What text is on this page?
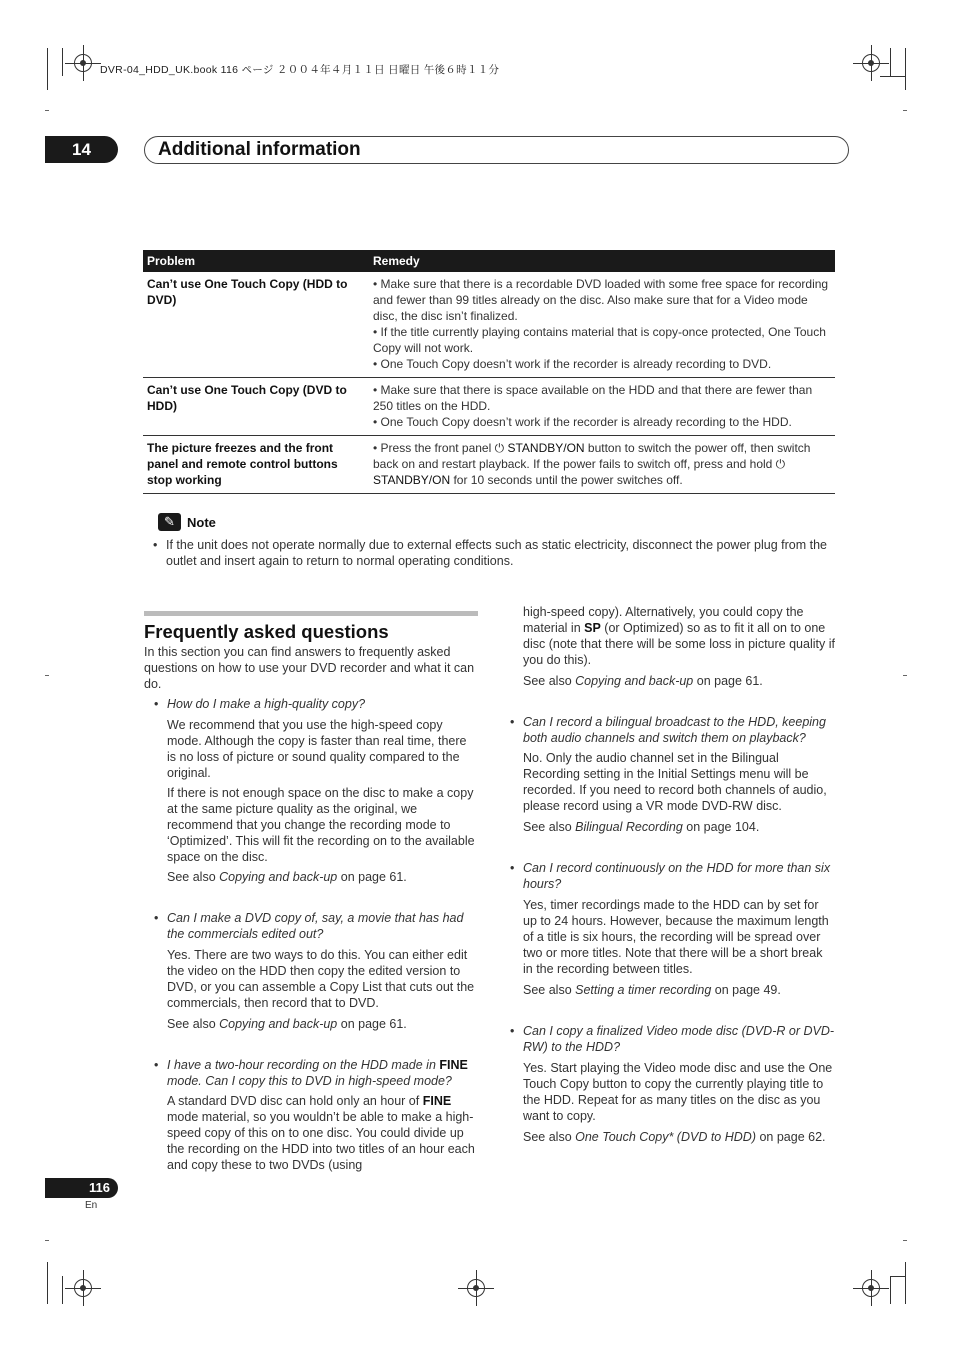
DVR-04_HDD_UK.book 116 ページ ２００４年４月１１日 日曜日 午後６時１１分
14	Additional information
Problem	Remedy
Can’t use One Touch Copy (HDD to DVD)	• Make sure that there is a recordable DVD loaded with some free space for recording and fewer than 99 titles already on the disc. Also make sure that for a Video mode disc, the disc isn’t finalized.
• If the title currently playing contains material that is copy-once protected, One Touch Copy will not work.
• One Touch Copy doesn’t work if the recorder is already recording to DVD.

Can’t use One Touch Copy (DVD to HDD)	• Make sure that there is space available on the HDD and that there are fewer than 250 titles on the HDD.
• One Touch Copy doesn’t work if the recorder is already recording to the HDD.

The picture freezes and the front panel and remote control buttons stop working	• Press the front panel ⏻ STANDBY/ON button to switch the power off, then switch back on and restart playback. If the power fails to switch off, press and hold ⏻ STANDBY/ON for 10 seconds until the power switches off.
✎ Note
• If the unit does not operate normally due to external effects such as static electricity, disconnect the power plug from the outlet and insert again to return to normal operating conditions.
Frequently asked questions

In this section you can find answers to frequently asked questions on how to use your DVD recorder and what it can do.

• How do I make a high-quality copy?

We recommend that you use the high-speed copy mode. Although the copy is faster than real time, there is no loss of picture or sound quality compared to the original.

If there is not enough space on the disc to make a copy at the same picture quality as the original, we recommend that you change the recording mode to ‘Optimized’. This will fit the recording on to the available space on the disc.

See also Copying and back-up on page 61.

• Can I make a DVD copy of, say, a movie that has had the commercials edited out?

Yes. There are two ways to do this. You can either edit the video on the HDD then copy the edited version to DVD, or you can assemble a Copy List that cuts out the commercials, then record that to DVD.

See also Copying and back-up on page 61.

• I have a two-hour recording on the HDD made in FINE mode. Can I copy this to DVD in high-speed mode?

A standard DVD disc can hold only an hour of FINE mode material, so you wouldn’t be able to make a high-speed copy of this on to one disc. You could divide up the recording on the HDD into two titles of an hour each and copy these to two DVDs (using

high-speed copy). Alternatively, you could copy the material in SP (or Optimized) so as to fit it all on to one disc (note that there will be some loss in picture quality if you do this).

See also Copying and back-up on page 61.

• Can I record a bilingual broadcast to the HDD, keeping both audio channels and switch them on playback?

No. Only the audio channel set in the Bilingual Recording setting in the Initial Settings menu will be recorded. If you need to record both channels of audio, please record using a VR mode DVD-RW disc.

See also Bilingual Recording on page 104.

• Can I record continuously on the HDD for more than six hours?

Yes, timer recordings made to the HDD can by set for up to 24 hours. However, because the maximum length of a title is six hours, the recording will be spread over two or more titles. Note that there will be a short break in the recording between titles.

See also Setting a timer recording on page 49.

• Can I copy a finalized Video mode disc (DVD-R or DVD-RW) to the HDD?

Yes. Start playing the Video mode disc and use the One Touch Copy button to copy the currently playing title to the HDD. Repeat for as many titles on the disc as you want to copy.

See also One Touch Copy* (DVD to HDD) on page 62.

116
En
